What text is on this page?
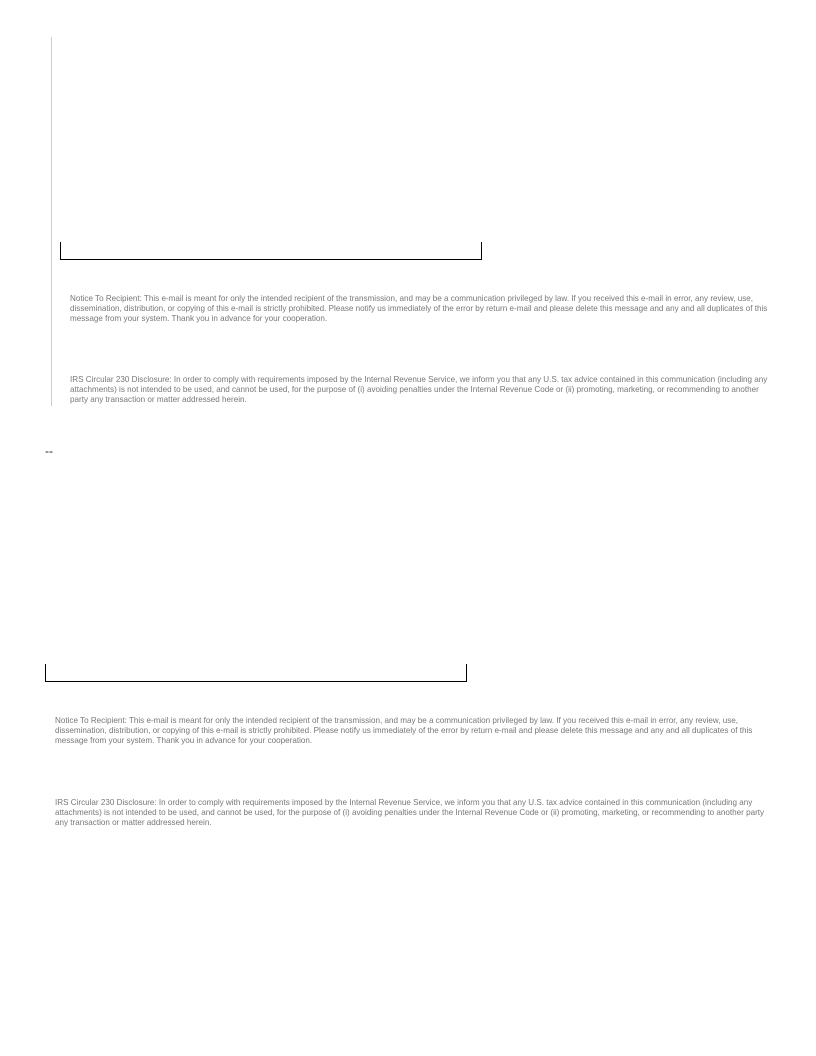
Notice To Recipient: This e-mail is meant for only the intended recipient of the transmission, and may be a communication privileged by law. If you received this e-mail in error, any review, use, dissemination, distribution, or copying of this e-mail is strictly prohibited. Please notify us immediately of the error by return e-mail and please delete this message and any and all duplicates of this message from your system. Thank you in advance for your cooperation.

IRS Circular 230 Disclosure: In order to comply with requirements imposed by the Internal Revenue Service, we inform you that any U.S. tax advice contained in this communication (including any attachments) is not intended to be used, and cannot be used, for the purpose of (i) avoiding penalties under the Internal Revenue Code or (ii) promoting, marketing, or recommending to another party any transaction or matter addressed herein.

--

Notice To Recipient: This e-mail is meant for only the intended recipient of the transmission, and may be a communication privileged by law. If you received this e-mail in error, any review, use, dissemination, distribution, or copying of this e-mail is strictly prohibited. Please notify us immediately of the error by return e-mail and please delete this message and any and all duplicates of this message from your system. Thank you in advance for your cooperation.

IRS Circular 230 Disclosure: In order to comply with requirements imposed by the Internal Revenue Service, we inform you that any U.S. tax advice contained in this communication (including any attachments) is not intended to be used, and cannot be used, for the purpose of (i) avoiding penalties under the Internal Revenue Code or (ii) promoting, marketing, or recommending to another party any transaction or matter addressed herein.
